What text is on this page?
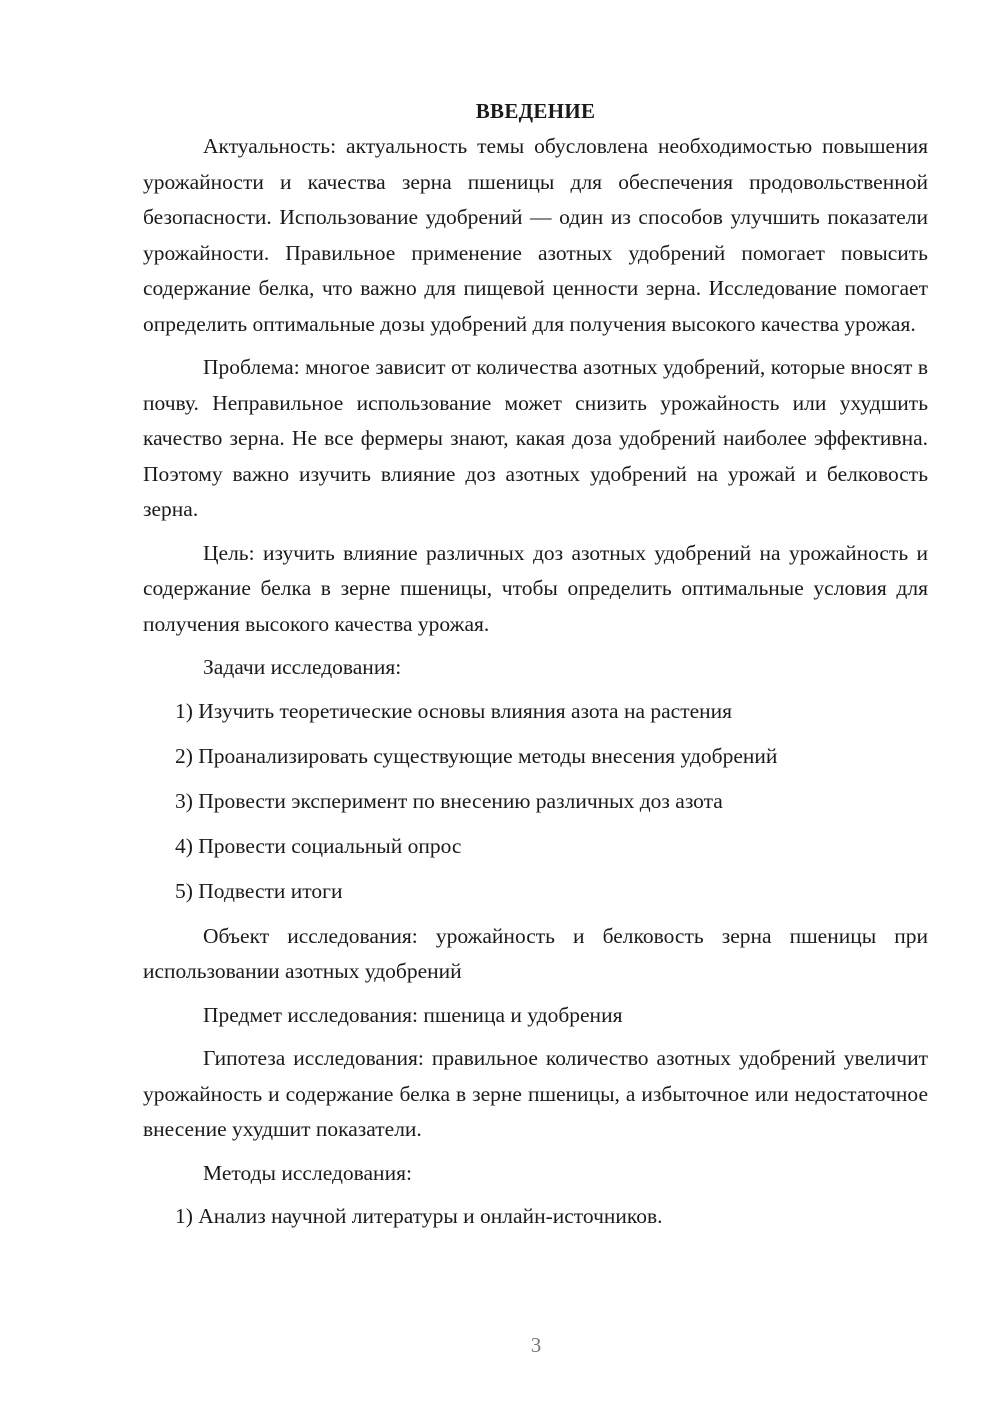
ВВЕДЕНИЕ

Актуальность: актуальность темы обусловлена необходимостью повышения урожайности и качества зерна пшеницы для обеспечения продовольственной безопасности. Использование удобрений — один из способов улучшить показатели урожайности. Правильное применение азотных удобрений помогает повысить содержание белка, что важно для пищевой ценности зерна. Исследование помогает определить оптимальные дозы удобрений для получения высокого качества урожая.

Проблема: многое зависит от количества азотных удобрений, которые вносят в почву. Неправильное использование может снизить урожайность или ухудшить качество зерна. Не все фермеры знают, какая доза удобрений наиболее эффективна. Поэтому важно изучить влияние доз азотных удобрений на урожай и белковость зерна.

Цель: изучить влияние различных доз азотных удобрений на урожайность и содержание белка в зерне пшеницы, чтобы определить оптимальные условия для получения высокого качества урожая.

Задачи исследования:

1) Изучить теоретические основы влияния азота на растения

2) Проанализировать существующие методы внесения удобрений

3) Провести эксперимент по внесению различных доз азота

4) Провести социальный опрос

5) Подвести итоги

Объект исследования: урожайность и белковость зерна пшеницы при использовании азотных удобрений

Предмет исследования: пшеница и удобрения

Гипотеза исследования: правильное количество азотных удобрений увеличит урожайность и содержание белка в зерне пшеницы, а избыточное или недостаточное внесение ухудшит показатели.

Методы исследования:

1) Анализ научной литературы и онлайн-источников.

3
